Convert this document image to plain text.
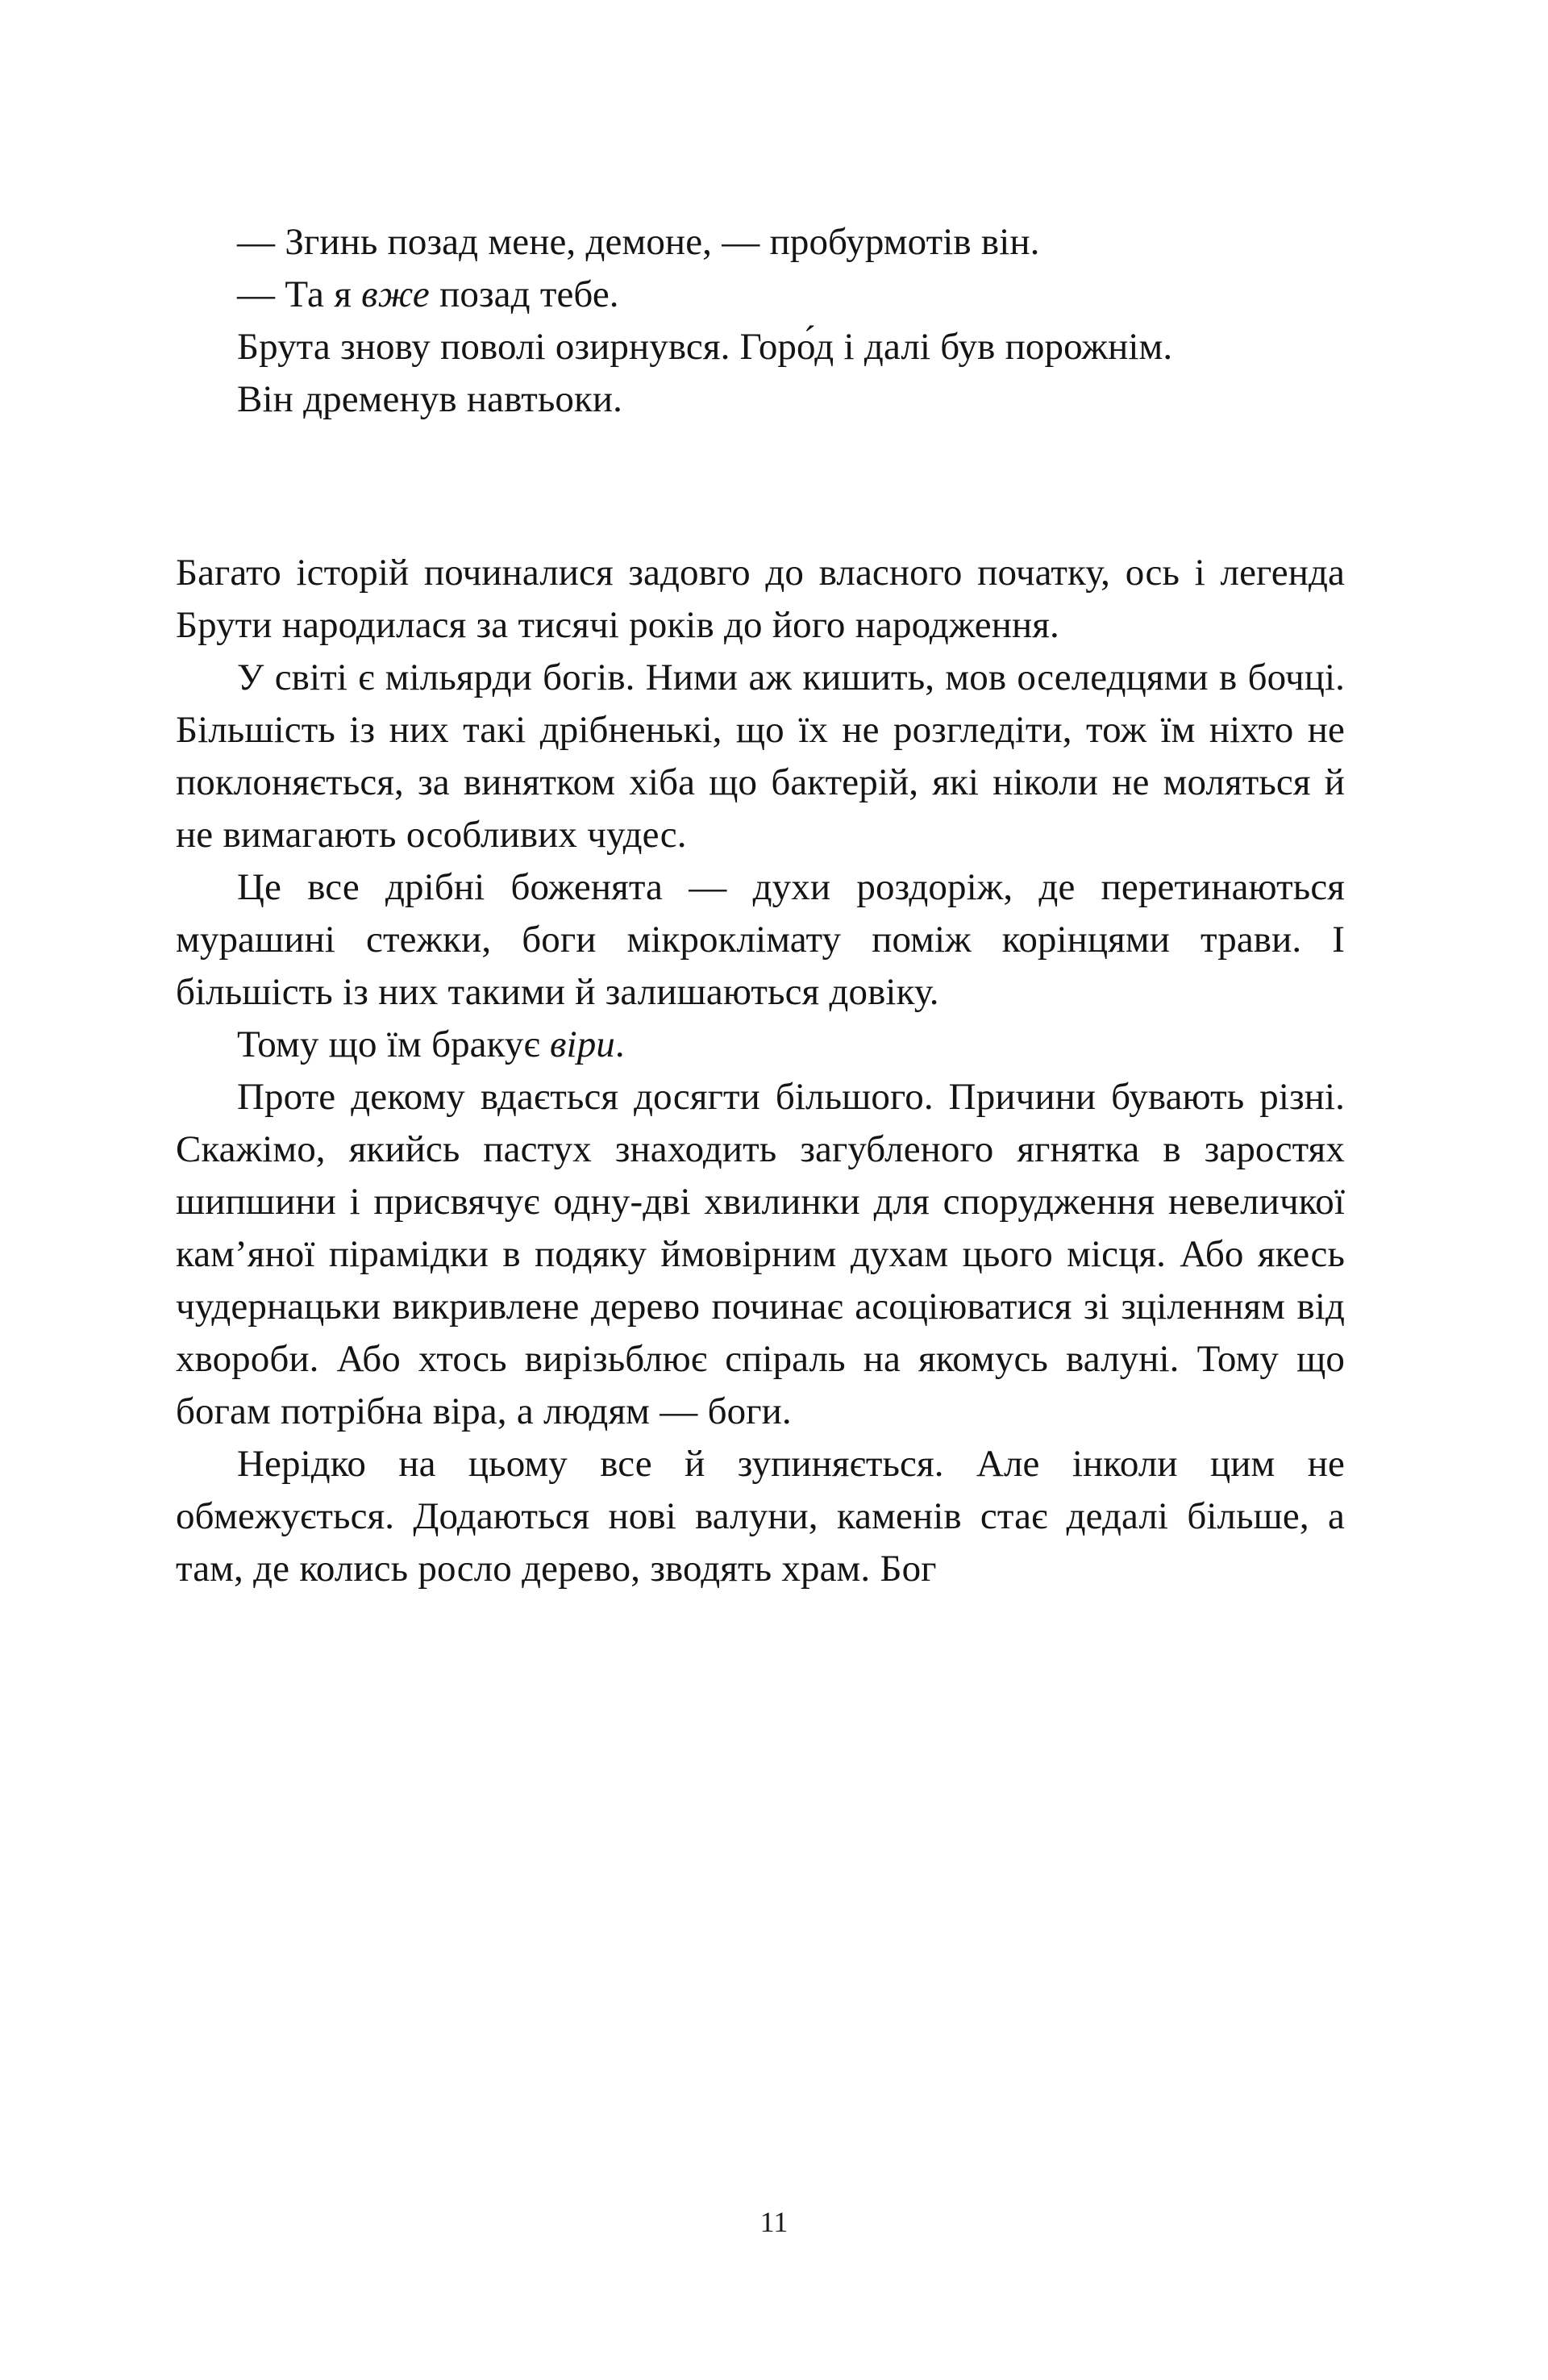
— Згинь позад мене, демоне, — пробурмотів він.

— Та я вже позад тебе.

Брута знову поволі озирнувся. Горо́д і далі був порожнім.

Він дременув навтьоки.

Багато історій починалися задовго до власного початку, ось і легенда Брути народилася за тисячі років до його народження.

У світі є мільярди богів. Ними аж кишить, мов оселедцями в бочці. Більшість із них такі дрібненькі, що їх не розгледіти, тож їм ніхто не поклоняється, за винятком хіба що бактерій, які ніколи не моляться й не вимагають особливих чудес.

Це все дрібні боженята — духи роздоріж, де перетинаються мурашині стежки, боги мікроклімату поміж корінцями трави. І більшість із них такими й залишаються довіку.

Тому що їм бракує віри.

Проте декому вдається досягти більшого. Причини бувають різні. Скажімо, якийсь пастух знаходить загубленого ягнятка в заростях шипшини і присвячує одну-дві хвилинки для спорудження невеличкої кам’яної пірамідки в подяку ймовірним духам цього місця. Або якесь чудернацьки викривлене дерево починає асоціюватися зі зціленням від хвороби. Або хтось вирізьблює спіраль на якомусь валуні. Тому що богам потрібна віра, а людям — боги.

Нерідко на цьому все й зупиняється. Але інколи цим не обмежується. Додаються нові валуни, каменів стає дедалі більше, а там, де колись росло дерево, зводять храм. Бог

11
